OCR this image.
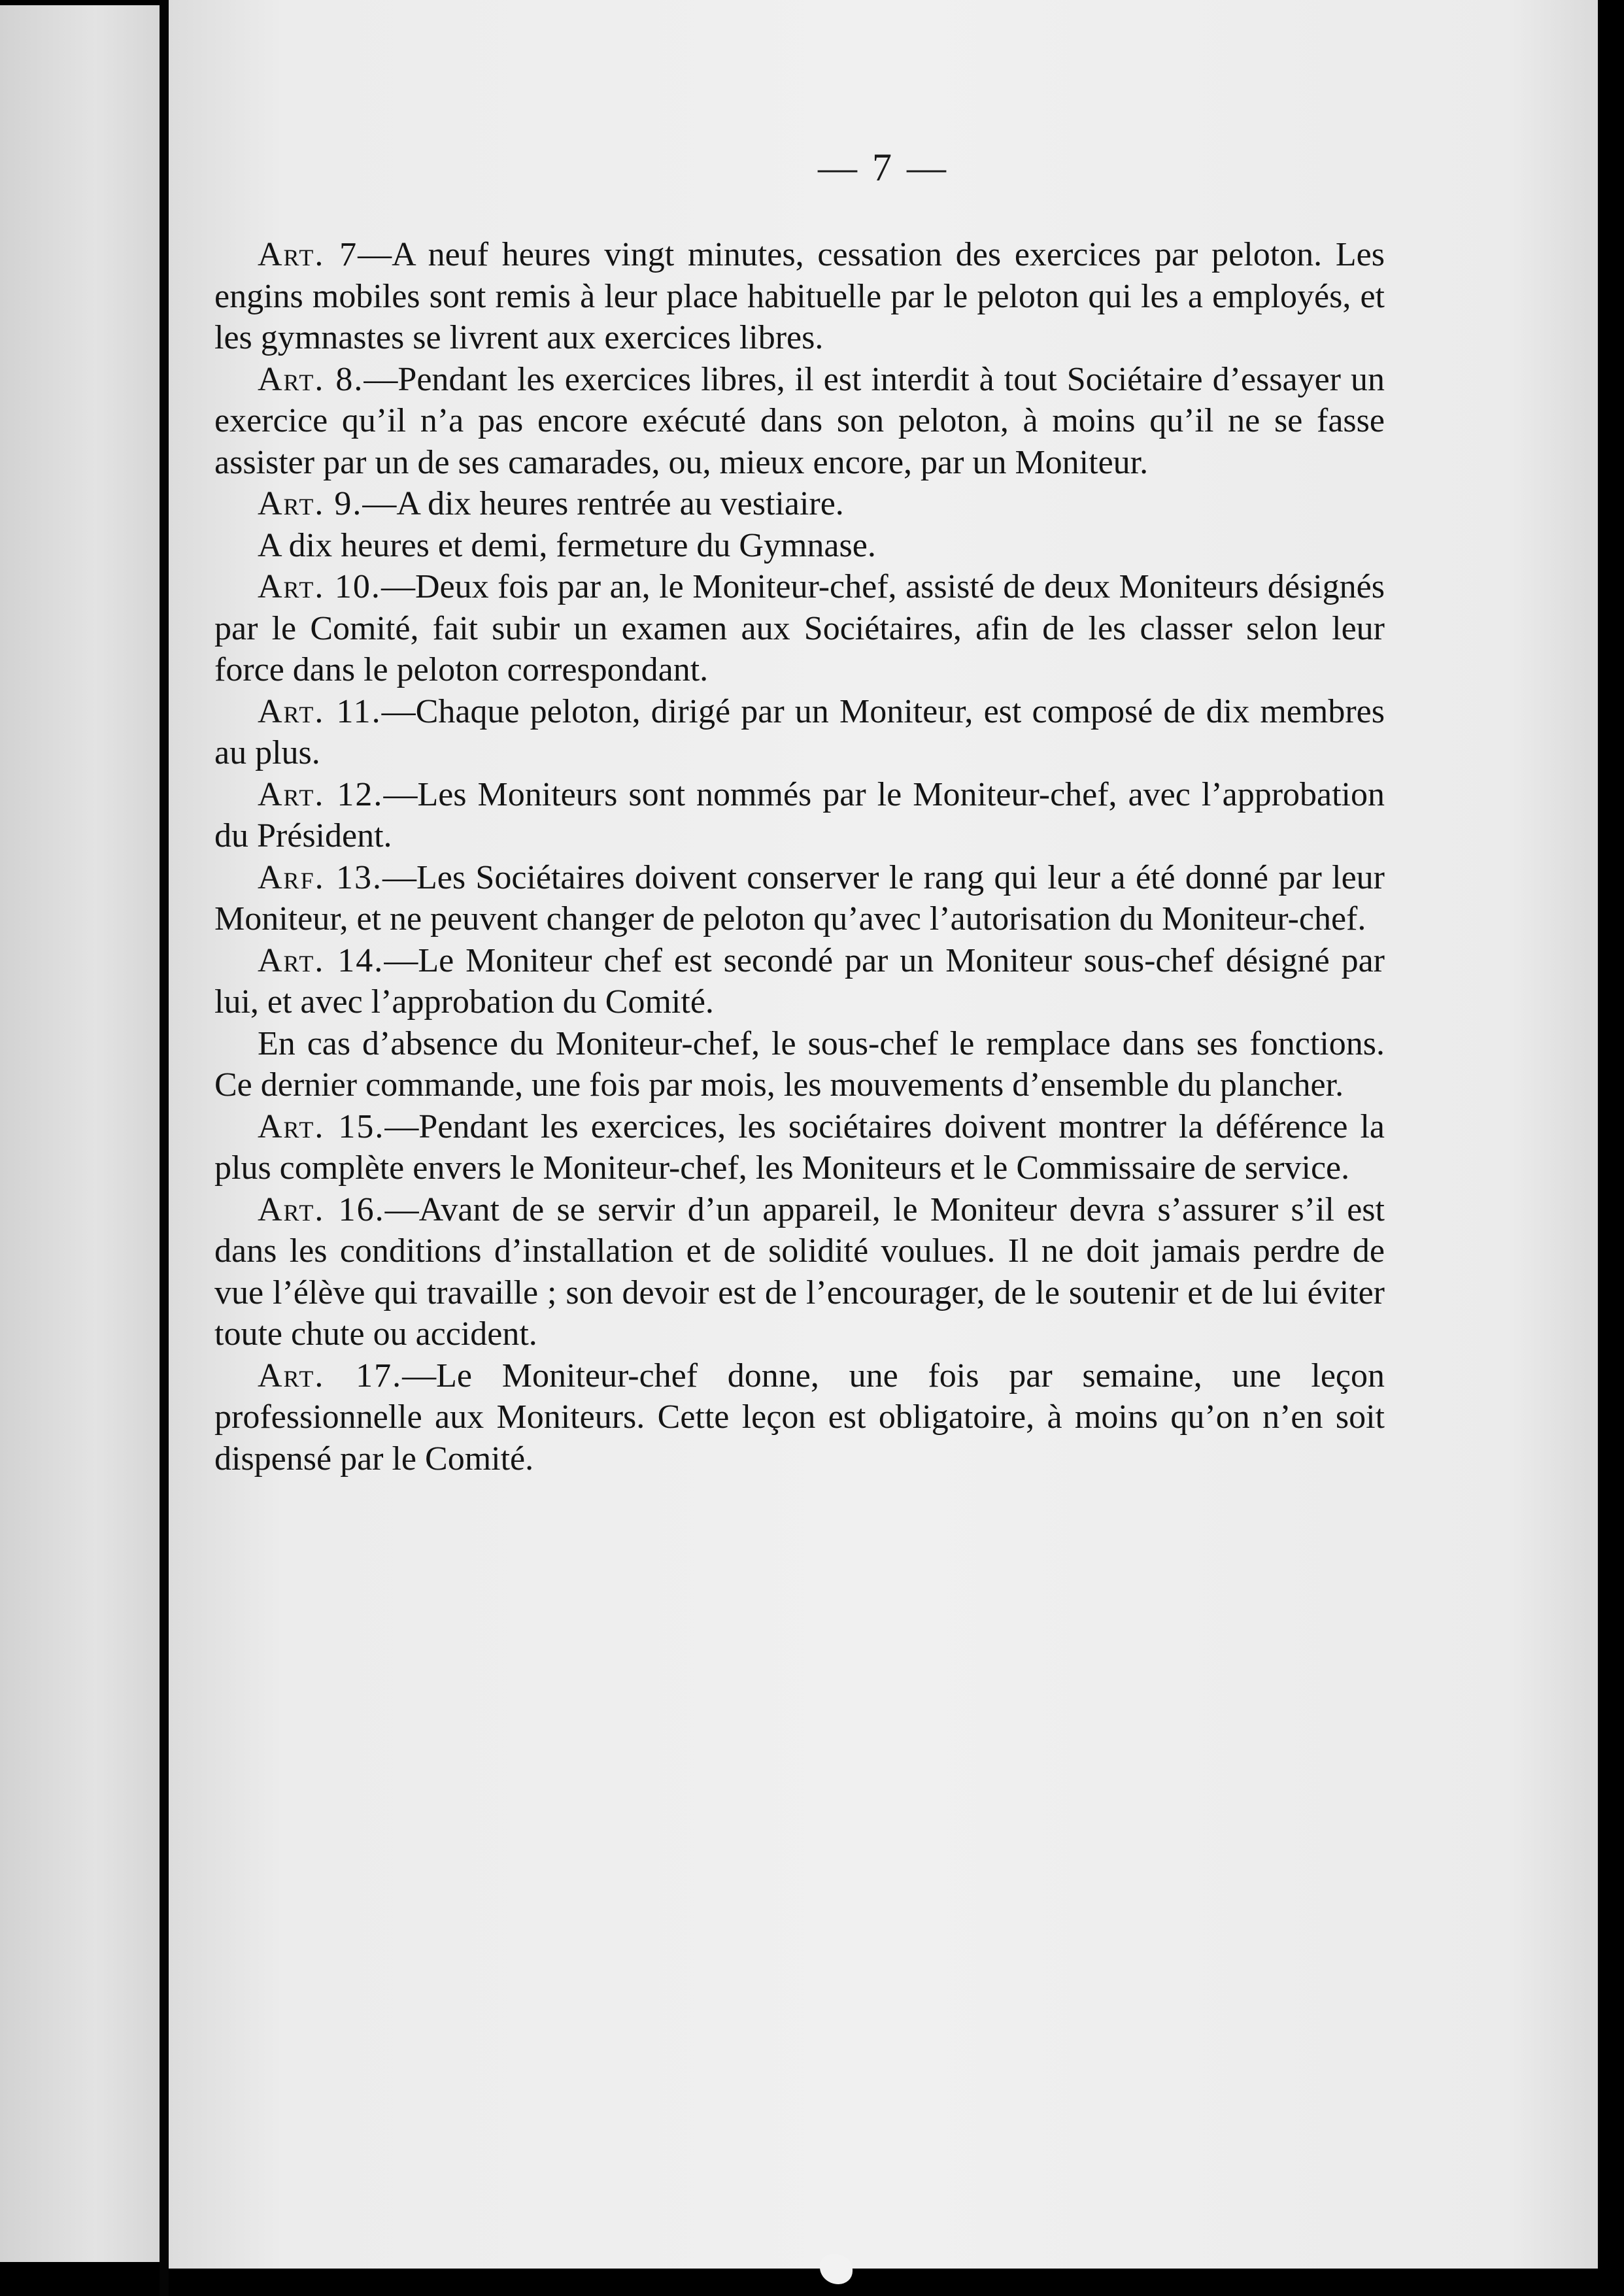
— 7 —

Art. 7—A neuf heures vingt minutes, cessation des exercices par peloton. Les engins mobiles sont remis à leur place habituelle par le peloton qui les a employés, et les gymnastes se livrent aux exercices libres.

Art. 8.—Pendant les exercices libres, il est interdit à tout Sociétaire d’essayer un exercice qu’il n’a pas encore exécuté dans son peloton, à moins qu’il ne se fasse assister par un de ses camarades, ou, mieux encore, par un Moniteur.

Art. 9.—A dix heures rentrée au vestiaire.

A dix heures et demi, fermeture du Gymnase.

Art. 10.—Deux fois par an, le Moniteur-chef, assisté de deux Moniteurs désignés par le Comité, fait subir un examen aux Sociétaires, afin de les classer selon leur force dans le peloton correspondant.

Art. 11.—Chaque peloton, dirigé par un Moniteur, est composé de dix membres au plus.

Art. 12.—Les Moniteurs sont nommés par le Moniteur-chef, avec l’approbation du Président.

Arf. 13.—Les Sociétaires doivent conserver le rang qui leur a été donné par leur Moniteur, et ne peuvent changer de peloton qu’avec l’autorisation du Moniteur-chef.

Art. 14.—Le Moniteur chef est secondé par un Moniteur sous-chef désigné par lui, et avec l’approbation du Comité.

En cas d’absence du Moniteur-chef, le sous-chef le remplace dans ses fonctions. Ce dernier commande, une fois par mois, les mouvements d’ensemble du plancher.

Art. 15.—Pendant les exercices, les sociétaires doivent montrer la déférence la plus complète envers le Moniteur-chef, les Moniteurs et le Commissaire de service.

Art. 16.—Avant de se servir d’un appareil, le Moniteur devra s’assurer s’il est dans les conditions d’installation et de solidité voulues. Il ne doit jamais perdre de vue l’élève qui travaille ; son devoir est de l’encourager, de le soutenir et de lui éviter toute chute ou accident.

Art. 17.—Le Moniteur-chef donne, une fois par semaine, une leçon professionnelle aux Moniteurs. Cette leçon est obligatoire, à moins qu’on n’en soit dispensé par le Comité.
